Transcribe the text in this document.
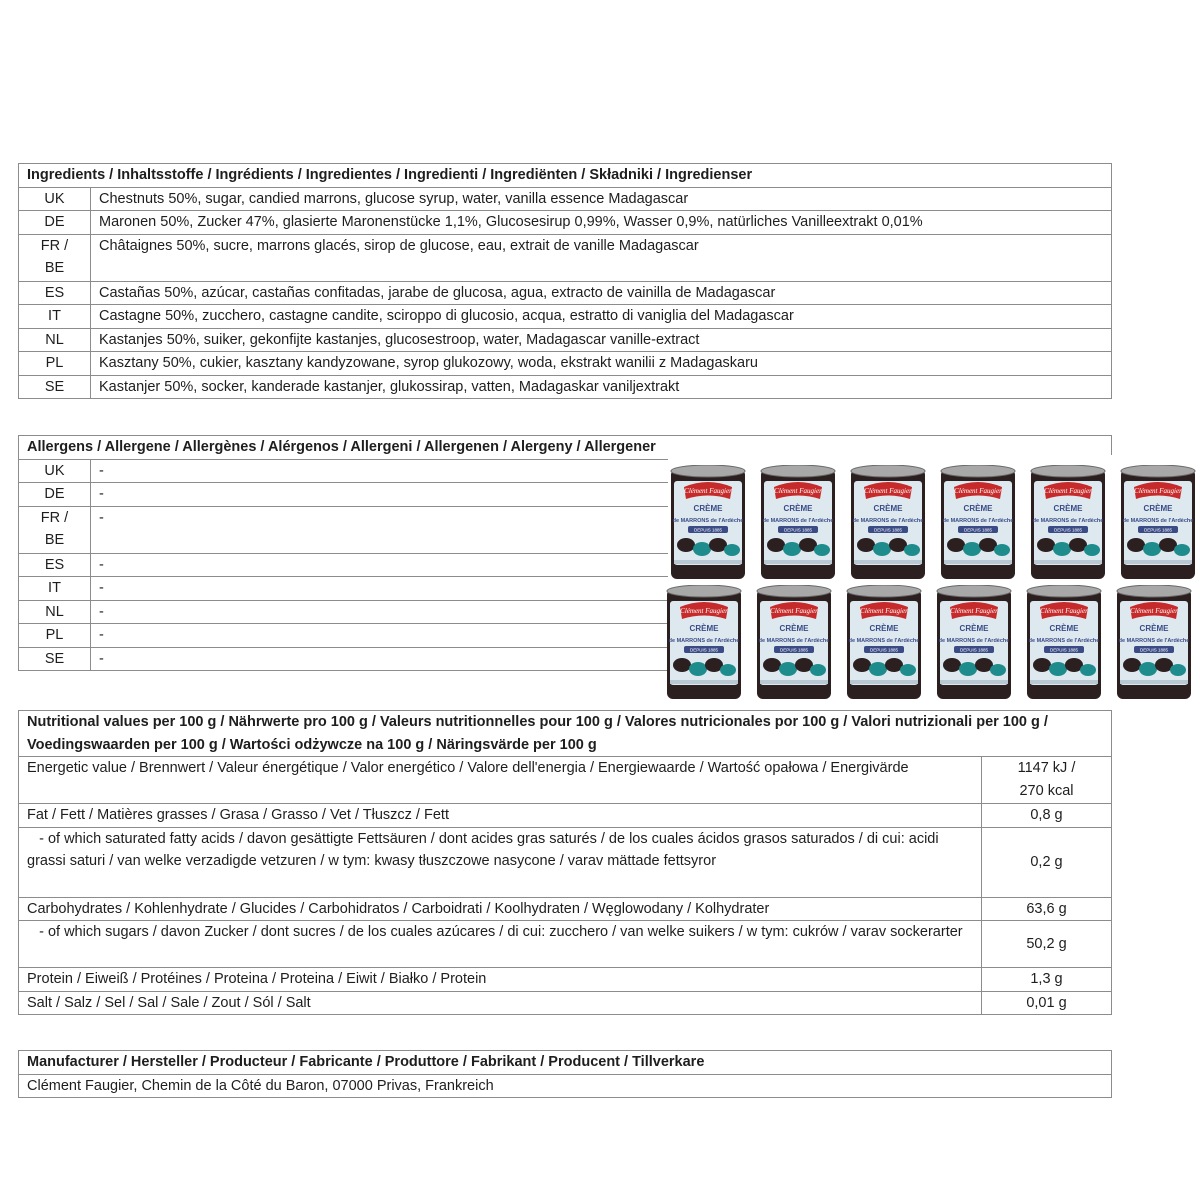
Ingredients / Inhaltsstoffe / Ingrédients / Ingredientes / Ingredienti / Ingrediënten / Składniki / Ingredienser	
UK	Chestnuts 50%, sugar, candied marrons, glucose syrup, water, vanilla essence Madagascar
DE	Maronen 50%, Zucker 47%, glasierte Maronenstücke 1,1%, Glucosesirup 0,99%, Wasser 0,9%, natürliches Vanilleextrakt 0,01%
FR / BE	Châtaignes 50%, sucre, marrons glacés, sirop de glucose, eau, extrait de vanille Madagascar
ES	Castañas 50%, azúcar, castañas confitadas, jarabe de glucosa, agua, extracto de vainilla de Madagascar
IT	Castagne 50%, zucchero, castagne candite, sciroppo di glucosio, acqua, estratto di vaniglia del Madagascar
NL	Kastanjes 50%, suiker, gekonfijte kastanjes, glucosestroop, water, Madagascar vanille-extract
PL	Kasztany 50%, cukier, kasztany kandyzowane, syrop glukozowy, woda, ekstrakt wanilii z Madagaskaru
SE	Kastanjer 50%, socker, kanderade kastanjer, glukossirap, vatten, Madagaskar vaniljextrakt
Allergens / Allergene / Allergènes / Alérgenos / Allergeni / Allergenen / Alergeny / Allergener	
UK	-
DE	-
FR / BE	-
ES	-
IT	-
NL	-
PL	-
SE	-
Nutritional values per 100 g / Nährwerte pro 100 g / Valeurs nutritionnelles pour 100 g / Valores nutricionales por 100 g / Valori nutrizionali per 100 g / Voedingswaarden per 100 g / Wartości odżywcze na 100 g / Näringsvärde per 100 g	
Energetic value / Brennwert / Valeur énergétique / Valor energético / Valore dell'energia / Energiewaarde / Wartość opałowa / Energivärde	1147 kJ / 270 kcal
Fat / Fett / Matières grasses / Grasa / Grasso / Vet / Tłuszcz / Fett	0,8 g
- of which saturated fatty acids / davon gesättigte Fettsäuren / dont acides gras saturés / de los cuales ácidos grasos saturados / di cui: acidi grassi saturi / van welke verzadigde vetzuren / w tym: kwasy tłuszczowe nasycone / varav mättade fettsyror	0,2 g
Carbohydrates / Kohlenhydrate / Glucides / Carbohidratos / Carboidrati / Koolhydraten / Węglowodany / Kolhydrater	63,6 g
- of which sugars / davon Zucker / dont sucres / de los cuales azúcares / di cui: zucchero / van welke suikers / w tym: cukrów / varav sockerarter	50,2 g
Protein / Eiweiß / Protéines / Proteina / Proteina / Eiwit / Białko / Protein	1,3 g
Salt / Salz / Sel / Sal / Sale / Zout / Sól / Salt	0,01 g
Manufacturer / Hersteller / Producteur / Fabricante / Produttore / Fabrikant / Producent / Tillverkare
Clément Faugier, Chemin de la Côté du Baron, 07000 Privas, Frankreich
Clément Faugier
CRÈME
de MARRONS de l'Ardèche
DEPUIS 1885
Clément Faugier
CRÈME
de MARRONS de l'Ardèche
DEPUIS 1885
Clément Faugier
CRÈME
de MARRONS de l'Ardèche
DEPUIS 1885
Clément Faugier
CRÈME
de MARRONS de l'Ardèche
DEPUIS 1885
Clément Faugier
CRÈME
de MARRONS de l'Ardèche
DEPUIS 1885
Clément Faugier
CRÈME
de MARRONS de l'Ardèche
DEPUIS 1885
Clément Faugier
CRÈME
de MARRONS de l'Ardèche
DEPUIS 1885
Clément Faugier
CRÈME
de MARRONS de l'Ardèche
DEPUIS 1885
Clément Faugier
CRÈME
de MARRONS de l'Ardèche
DEPUIS 1885
Clément Faugier
CRÈME
de MARRONS de l'Ardèche
DEPUIS 1885
Clément Faugier
CRÈME
de MARRONS de l'Ardèche
DEPUIS 1885
Clément Faugier
CRÈME
de MARRONS de l'Ardèche
DEPUIS 1885
